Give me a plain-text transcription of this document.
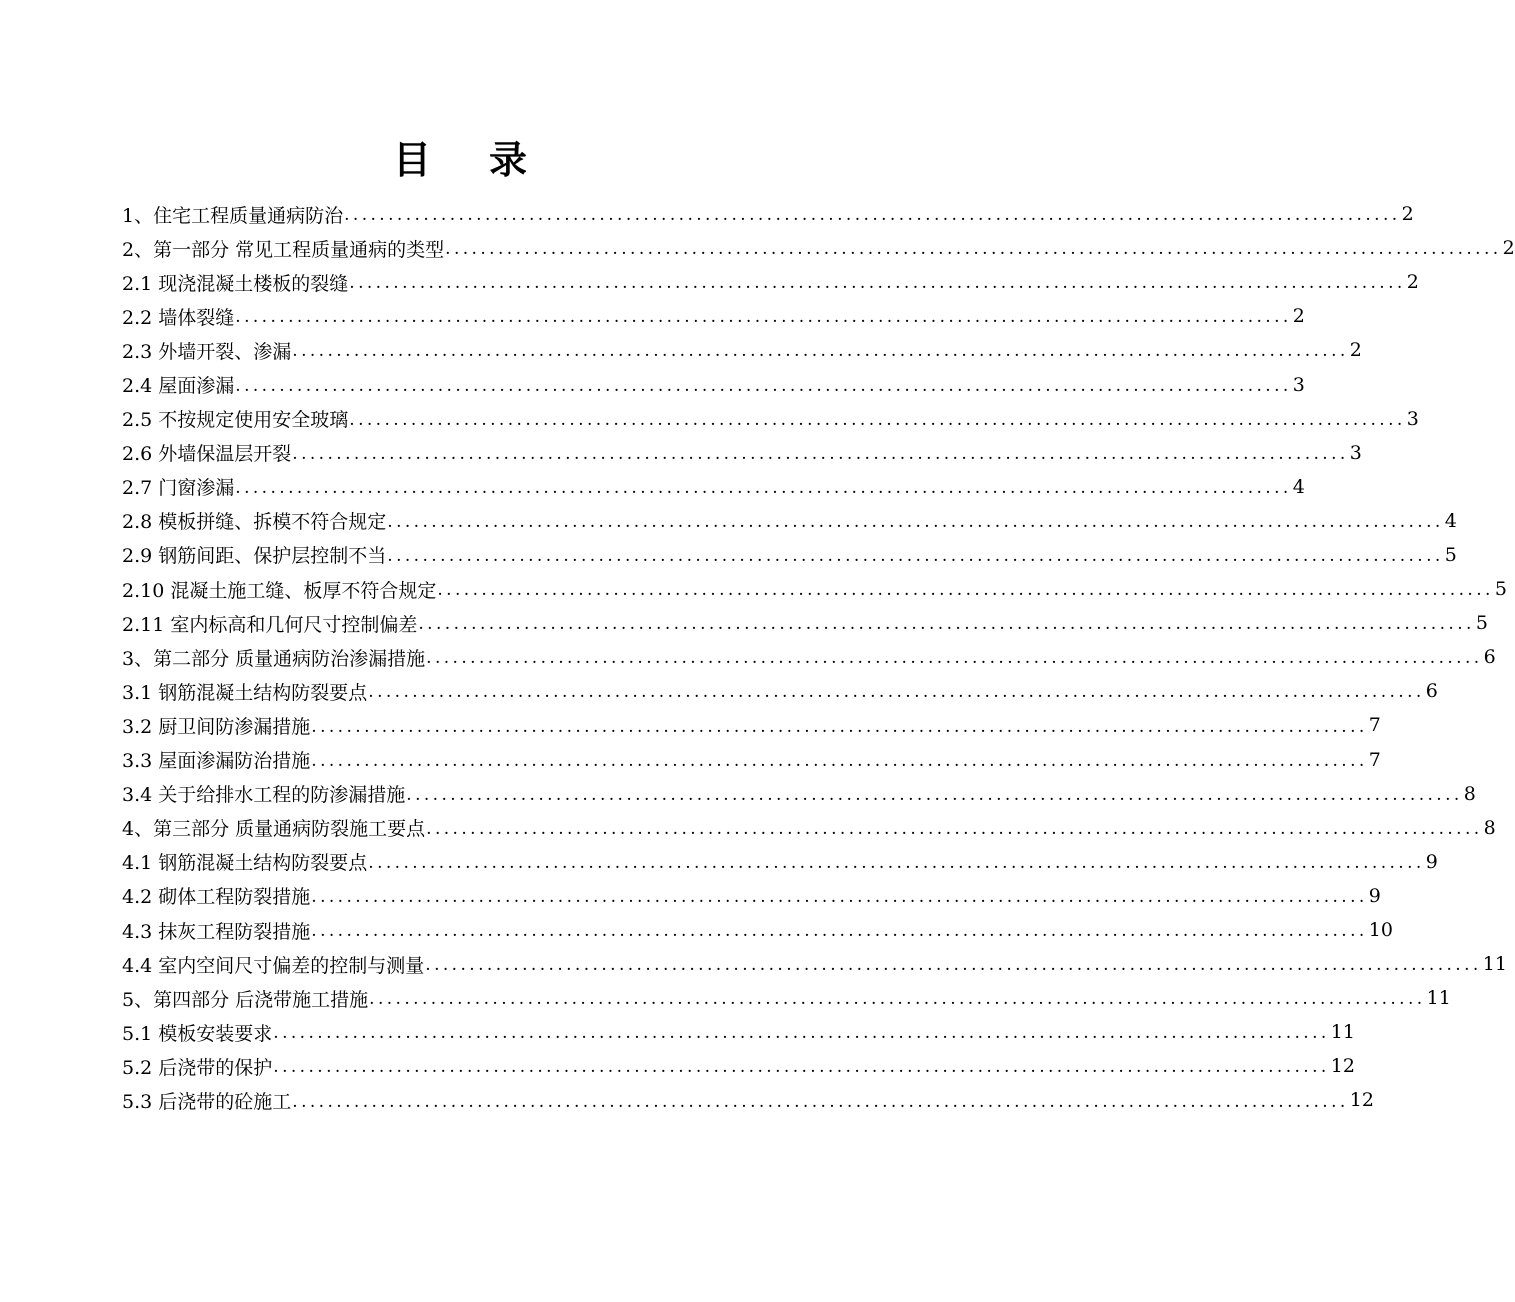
目录
1、住宅工程质量通病防治 ........................................................................................................................ 2
2、第一部分 常见工程质量通病的类型 ........................................................................................................................ 2
2.1 现浇混凝土楼板的裂缝 ........................................................................................................................ 2
2.2 墙体裂缝 ........................................................................................................................ 2
2.3 外墙开裂、渗漏 ........................................................................................................................ 2
2.4 屋面渗漏 ........................................................................................................................ 3
2.5 不按规定使用安全玻璃 ........................................................................................................................ 3
2.6 外墙保温层开裂 ........................................................................................................................ 3
2.7 门窗渗漏 ........................................................................................................................ 4
2.8 模板拼缝、拆模不符合规定 ........................................................................................................................ 4
2.9 钢筋间距、保护层控制不当 ........................................................................................................................ 5
2.10 混凝土施工缝、板厚不符合规定 ........................................................................................................................ 5
2.11 室内标高和几何尺寸控制偏差 ........................................................................................................................ 5
3、第二部分 质量通病防治渗漏措施 ........................................................................................................................ 6
3.1 钢筋混凝土结构防裂要点 ........................................................................................................................ 6
3.2 厨卫间防渗漏措施 ........................................................................................................................ 7
3.3 屋面渗漏防治措施 ........................................................................................................................ 7
3.4 关于给排水工程的防渗漏措施 ........................................................................................................................ 8
4、第三部分 质量通病防裂施工要点 ........................................................................................................................ 8
4.1 钢筋混凝土结构防裂要点 ........................................................................................................................ 9
4.2 砌体工程防裂措施 ........................................................................................................................ 9
4.3 抹灰工程防裂措施 ........................................................................................................................ 10
4.4 室内空间尺寸偏差的控制与测量 ........................................................................................................................ 11
5、第四部分 后浇带施工措施 ........................................................................................................................ 11
5.1 模板安装要求 ........................................................................................................................ 11
5.2 后浇带的保护 ........................................................................................................................ 12
5.3 后浇带的砼施工 ........................................................................................................................ 12
